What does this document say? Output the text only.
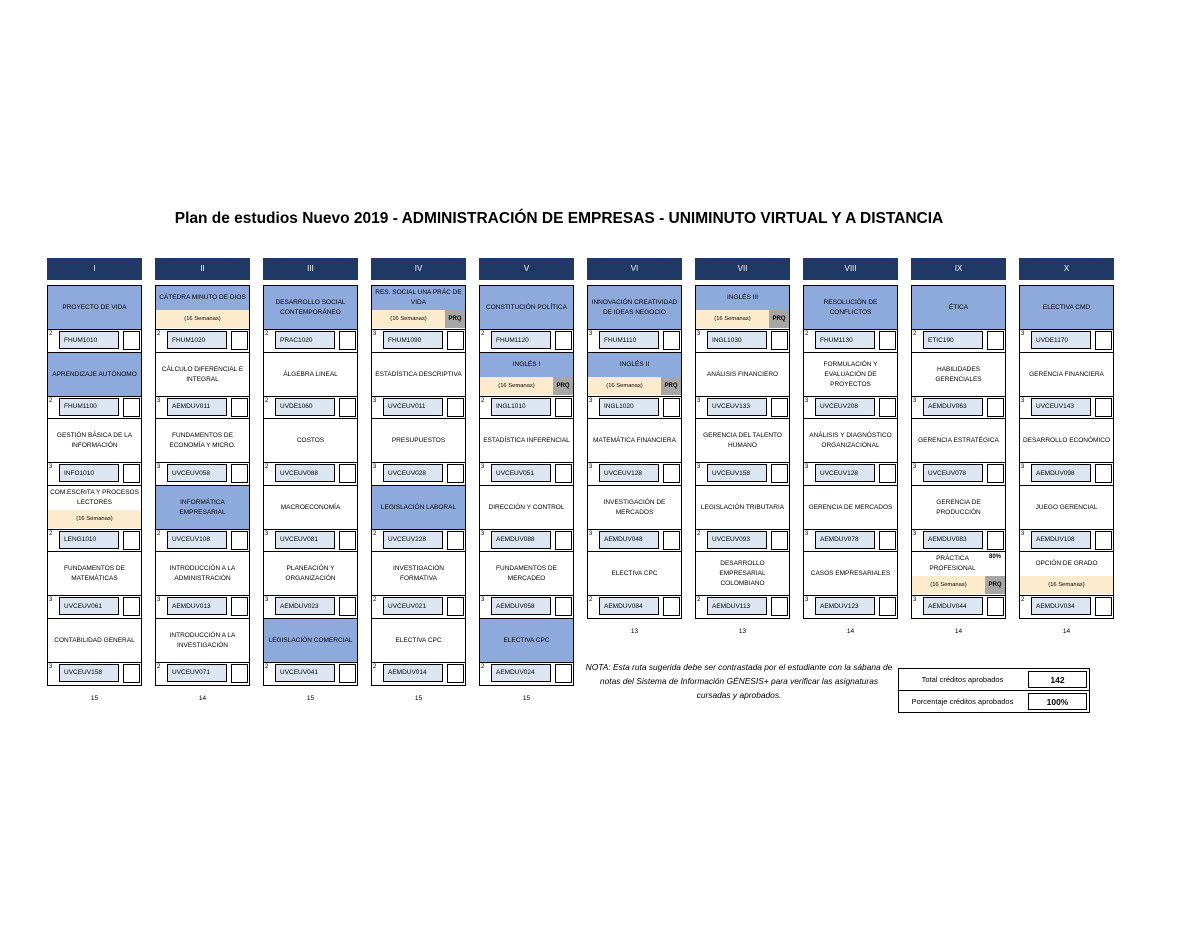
Plan de estudios Nuevo 2019 - ADMINISTRACIÓN DE EMPRESAS - UNIMINUTO VIRTUAL Y A DISTANCIA
I
PROYECTO DE VIDA
2
FHUM1010
APRENDIZAJE AUTÓNOMO
2
FHUM1100
GESTIÓN BÁSICA DE LA INFORMACIÓN
3
INFO1010
COM.ESCRITA Y PROCESOS LECTORES
(16 Semanas)
2
LENG1010
FUNDAMENTOS DE MATEMÁTICAS
3
UVCEUV061
CONTABILIDAD GENERAL
3
UVCEUV158
15
II
CÁTEDRA MINUTO DE DIOS
(16 Semanas)
2
FHUM1020
CÁLCULO DIFERENCIAL E INTEGRAL
3
AEMDUV011
FUNDAMENTOS DE ECONOMÍA Y MICRO.
3
UVCEUV058
INFORMÁTICA EMPRESARIAL
2
UVCEUV108
INTRODUCCIÓN A LA ADMINISTRACIÓN
3
AEMDUV013
INTRODUCCIÓN A LA INVESTIGACIÓN
2
UVCEUV071
14
III
DESARROLLO SOCIAL CONTEMPORÁNEO
2
PRAC1020
ÁLGEBRA LINEAL
2
UVDE1060
COSTOS
2
UVCEUV088
MACROECONOMÍA
3
UVCEUV081
PLANEACIÓN Y ORGANIZACIÓN
3
AEMDUV023
LEGISLACIÓN COMERCIAL
2
UVCEUV041
15
IV
RES. SOCIAL UNA PRÁC DE VIDA
(16 Semanas)	PRQ
3
FHUM1090
ESTADÍSTICA DESCRIPTIVA
3
UVCEUV011
PRESUPUESTOS
3
UVCEUV028
LEGISLACIÓN LABORAL
2
UVCEUV228
INVESTIGACIÓN FORMATIVA
2
UVCEUV021
ELECTIVA CPC
2
AEMDUV014
15
V
CONSTITUCIÓN POLÍTICA
2
FHUM1120
INGLÉS I
(16 Semanas)	PRQ
2
INGL1010
ESTADÍSTICA INFERENCIAL
3
UVCEUV051
DIRECCIÓN Y CONTROL
3
AEMDUV088
FUNDAMENTOS DE MERCADEO
3
AEMDUV058
ELECTIVA CPC
2
AEMDUV024
15
VI
INNOVACIÓN CREATIVIDAD DE IDEAS NEGOCIO
3
FHUM1110
INGLÉS II
(16 Semanas)	PRQ
3
INGL1020
MATEMÁTICA FINANCIERA
3
UVCEUV128
INVESTIGACIÓN DE MERCADOS
3
AEMDUV048
ELECTIVA CPC
2
AEMDUV084
13
VII
INGLÉS III
(16 Semanas)	PRQ
3
INGL1030
ANÁLISIS FINANCIERO
3
UVCEUV133
GERENCIA DEL TALENTO HUMANO
3
UVCEUV158
LEGISLACIÓN TRIBUTARIA
2
UVCEUV093
DESARROLLO EMPRESARIAL COLOMBIANO
2
AEMDUV113
13
VIII
RESOLUCIÓN DE CONFLICTOS
2
FHUM1130
FORMULACIÓN Y EVALUACIÓN DE PROYECTOS
3
UVCEUV208
ANÁLISIS Y DIAGNÓSTICO ORGANIZACIONAL
3
UVCEUV128
GERENCIA DE MERCADOS
3
AEMDUV078
CASOS EMPRESARIALES
3
AEMDUV123
14
IX
ÉTICA
2
ETIC190
HABILIDADES GERENCIALES
3
AEMDUV063
GERENCIA ESTRATÉGICA
3
UVCEUV078
GERENCIA DE PRODUCCIÓN
3
AEMDUV083
PRÁCTICA PROFESIONAL
80%
(16 Semanas)	PRQ
3
AEMDUV044
14
X
ELECTIVA CMD
3
UVDE1170
GERENCIA FINANCIERA
3
UVCEUV143
DESARROLLO ECONÓMICO
3
AEMDUV098
JUEGO GERENCIAL
3
AEMDUV108
OPCIÓN DE GRADO
(16 Semanas)
2
AEMDUV034
14
NOTA: Esta ruta sugerida debe ser contrastada por el estudiante con la sábana de notas del Sistema de Información GÉNESIS+ para verificar las asignaturas cursadas y aprobados.
Total créditos aprobados	142
Porcentaje créditos aprobados	100%
